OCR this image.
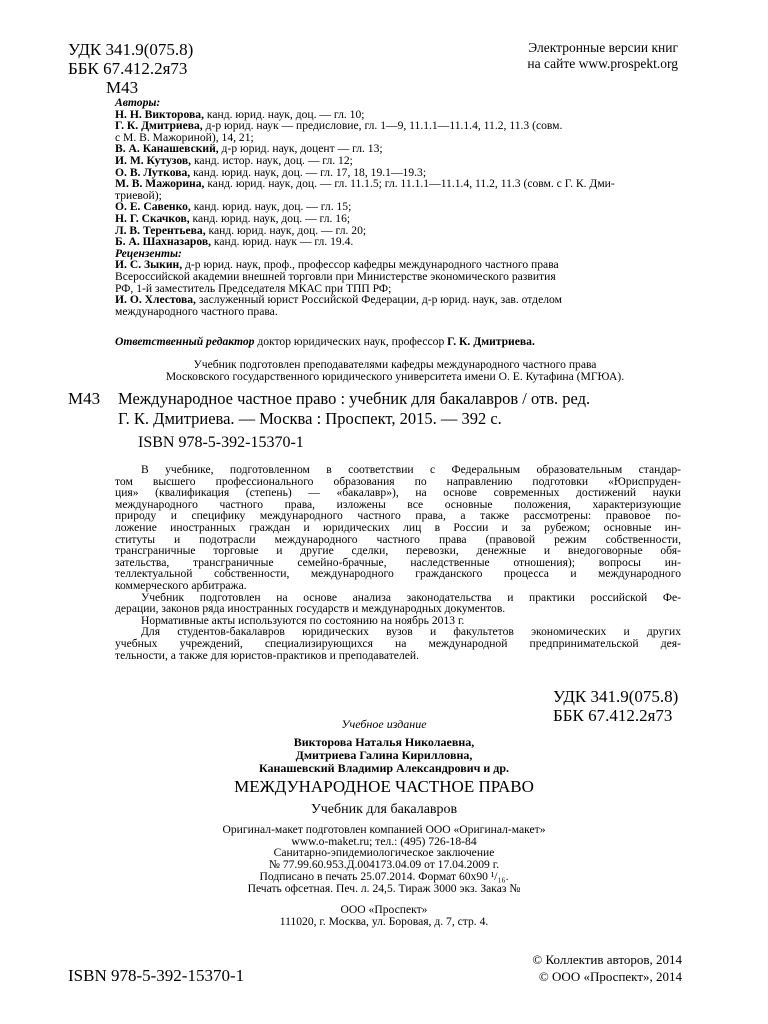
УДК 341.9(075.8)
ББК 67.412.2я73
М43
Электронные версии книг
на сайте www.prospekt.org
Авторы:
Н. Н. Викторова, канд. юрид. наук, доц. — гл. 10;
Г. К. Дмитриева, д-р юрид. наук — предисловие, гл. 1—9, 11.1.1—11.1.4, 11.2, 11.3 (совм.
с М. В. Мажориной), 14, 21;
В. А. Канашевский, д-р юрид. наук, доцент — гл. 13;
И. М. Кутузов, канд. истор. наук, доц. — гл. 12;
О. В. Луткова, канд. юрид. наук, доц. — гл. 17, 18, 19.1—19.3;
М. В. Мажорина, канд. юрид. наук, доц. — гл. 11.1.5; гл. 11.1.1—11.1.4, 11.2, 11.3 (совм. с Г. К. Дми-
триевой);
О. Е. Савенко, канд. юрид. наук, доц. — гл. 15;
Н. Г. Скачков, канд. юрид. наук, доц. — гл. 16;
Л. В. Терентьева, канд. юрид. наук, доц. — гл. 20;
Б. А. Шахназаров, канд. юрид. наук — гл. 19.4.
Рецензенты:
И. С. Зыкин, д-р юрид. наук, проф., профессор кафедры международного частного права
Всероссийской академии внешней торговли при Министерстве экономического развития
РФ, 1-й заместитель Председателя МКАС при ТПП РФ;
И. О. Хлестова, заслуженный юрист Российской Федерации, д-р юрид. наук, зав. отделом
международного частного права.
Ответственный редактор доктор юридических наук, профессор Г. К. Дмитриева.
Учебник подготовлен преподавателями кафедры международного частного права
Московского государственного юридического университета имени О. Е. Кутафина (МГЮА).
М43 Международное частное право : учебник для бакалавров / отв. ред.
Г. К. Дмитриева. — Москва : Проспект, 2015. — 392 с.
ISBN 978-5-392-15370-1
В учебнике, подготовленном в соответствии с Федеральным образовательным стандар-
том высшего профессионального образования по направлению подготовки «Юриспруден-
ция» (квалификация (степень) — «бакалавр»), на основе современных достижений науки
международного частного права, изложены все основные положения, характеризующие
природу и специфику международного частного права, а также рассмотрены: правовое по-
ложение иностранных граждан и юридических лиц в России и за рубежом; основные ин-
ституты и подотрасли международного частного права (правовой режим собственности,
трансграничные торговые и другие сделки, перевозки, денежные и внедоговорные обя-
зательства, трансграничные семейно-брачные, наследственные отношения); вопросы ин-
теллектуальной собственности, международного гражданского процесса и международного
коммерческого арбитража.
Учебник подготовлен на основе анализа законодательства и практики российской Фе-
дерации, законов ряда иностранных государств и международных документов.
Нормативные акты используются по состоянию на ноябрь 2013 г.
Для студентов-бакалавров юридических вузов и факультетов экономических и других
учебных учреждений, специализирующихся на международной предпринимательской дея-
тельности, а также для юристов-практиков и преподавателей.
УДК 341.9(075.8)
ББК 67.412.2я73
Учебное издание
Викторова Наталья Николаевна,
Дмитриева Галина Кирилловна,
Канашевский Владимир Александрович и др.
МЕЖДУНАРОДНОЕ ЧАСТНОЕ ПРАВО
Учебник для бакалавров
Оригинал-макет подготовлен компанией ООО «Оригинал-макет»
www.o-maket.ru; тел.: (495) 726-18-84
Санитарно-эпидемиологическое заключение
№ 77.99.60.953.Д.004173.04.09 от 17.04.2009 г.
Подписано в печать 25.07.2014. Формат 60х90 ¹/₁₆.
Печать офсетная. Печ. л. 24,5. Тираж 3000 экз. Заказ №
ООО «Проспект»
111020, г. Москва, ул. Боровая, д. 7, стр. 4.
ISBN 978-5-392-15370-1
© Коллектив авторов, 2014
© ООО «Проспект», 2014
